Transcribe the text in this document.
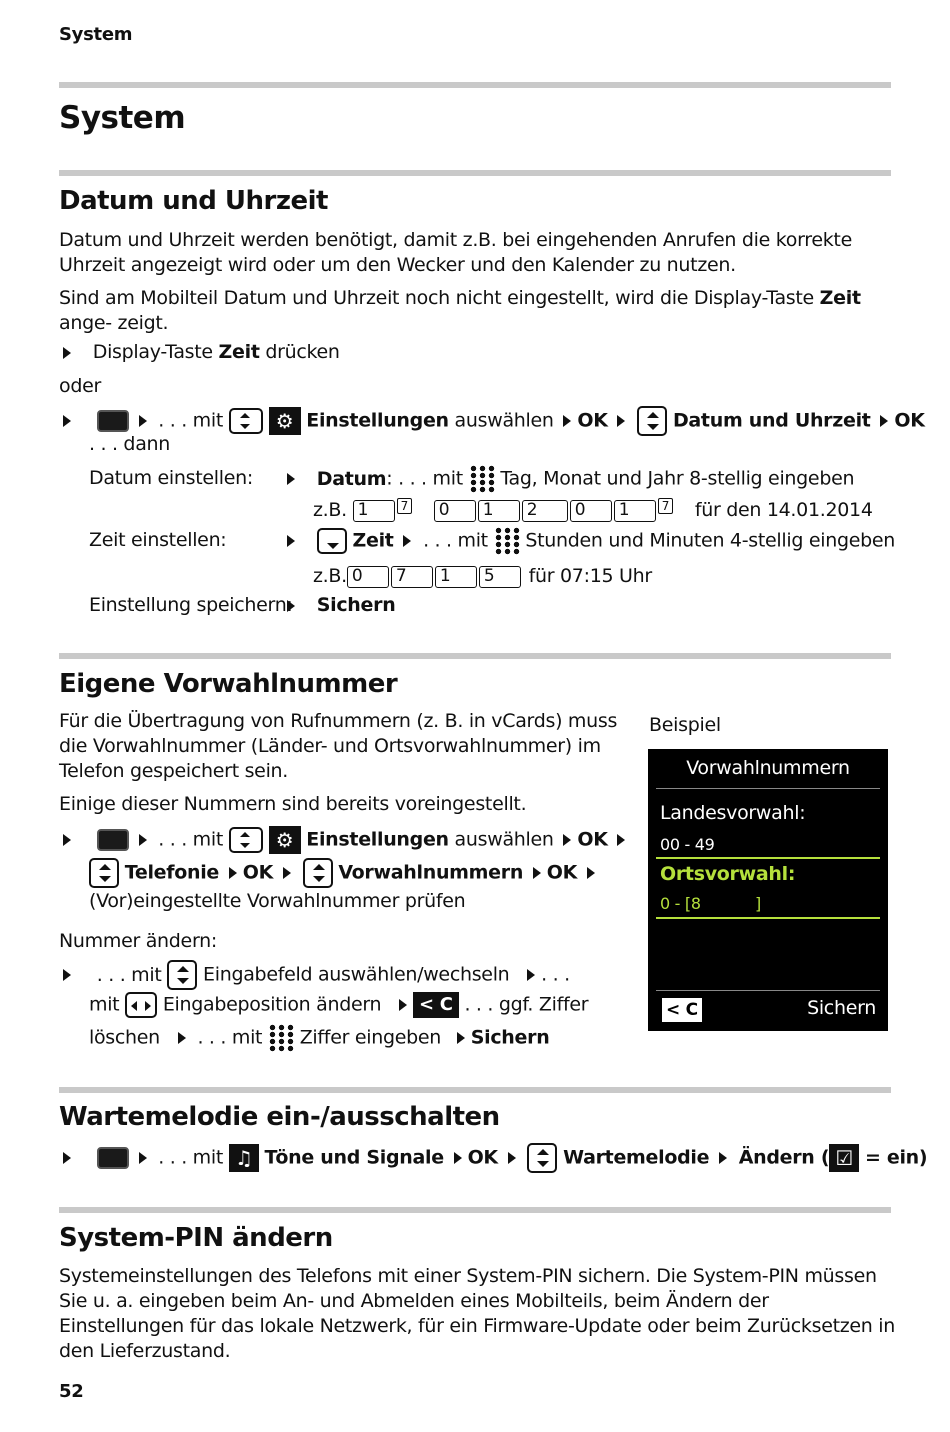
System
System
Datum und Uhrzeit
Datum und Uhrzeit werden benötigt, damit z.B. bei eingehenden Anrufen die korrekte Uhrzeit angezeigt wird oder um den Wecker und den Kalender zu nutzen.
Sind am Mobilteil Datum und Uhrzeit noch nicht eingestellt, wird die Display-Taste Zeit ange- zeigt.
Display-Taste Zeit drücken
oder
. . . mit	⚙ Einstellungen auswählen OK	Datum und Uhrzeit OK
. . . dann
Datum einstellen:	Datum: . . . mit Tag, Monat und Jahr 8-stellig eingeben
z.B. 1	$^7$ 0 1 2 0 1	$^7$ für den 14.01.2014
Zeit einstellen:	Zeit . . . mit Stunden und Minuten 4-stellig eingeben
z.B. 0 7 1 5 für 07:15 Uhr
Einstellung speichern:	Sichern
Eigene Vorwahlnummer
Für die Übertragung von Rufnummern (z. B. in vCards) muss die Vorwahlnummer (Länder- und Ortsvorwahlnummer) im Telefon gespeichert sein.
Einige dieser Nummern sind bereits voreingestellt.
. . . mit	⚙ Einstellungen auswählen OK
Telefonie OK	Vorwahlnummern OK
(Vor)eingestellte Vorwahlnummer prüfen
Nummer ändern:
. . . mit Eingabefeld auswählen/wechseln . . .
mit Eingabeposition ändern < C . . . ggf. Ziffer
löschen . . . mit Ziffer eingeben Sichern
Beispiel
Vorwahlnummern
Landesvorwahl:
00 - 49
Ortsvorwahl:
0 - [8	]
< C	Sichern
Wartemelodie ein-/ausschalten
. . . mit ♫ Töne und Signale OK	Wartemelodie Ändern ( ☑ = ein)
System-PIN ändern
Systemeinstellungen des Telefons mit einer System-PIN sichern. Die System-PIN müssen Sie u. a. eingeben beim An- und Abmelden eines Mobilteils, beim Ändern der Einstellungen für das lokale Netzwerk, für ein Firmware-Update oder beim Zurücksetzen in den Lieferzustand.
52
